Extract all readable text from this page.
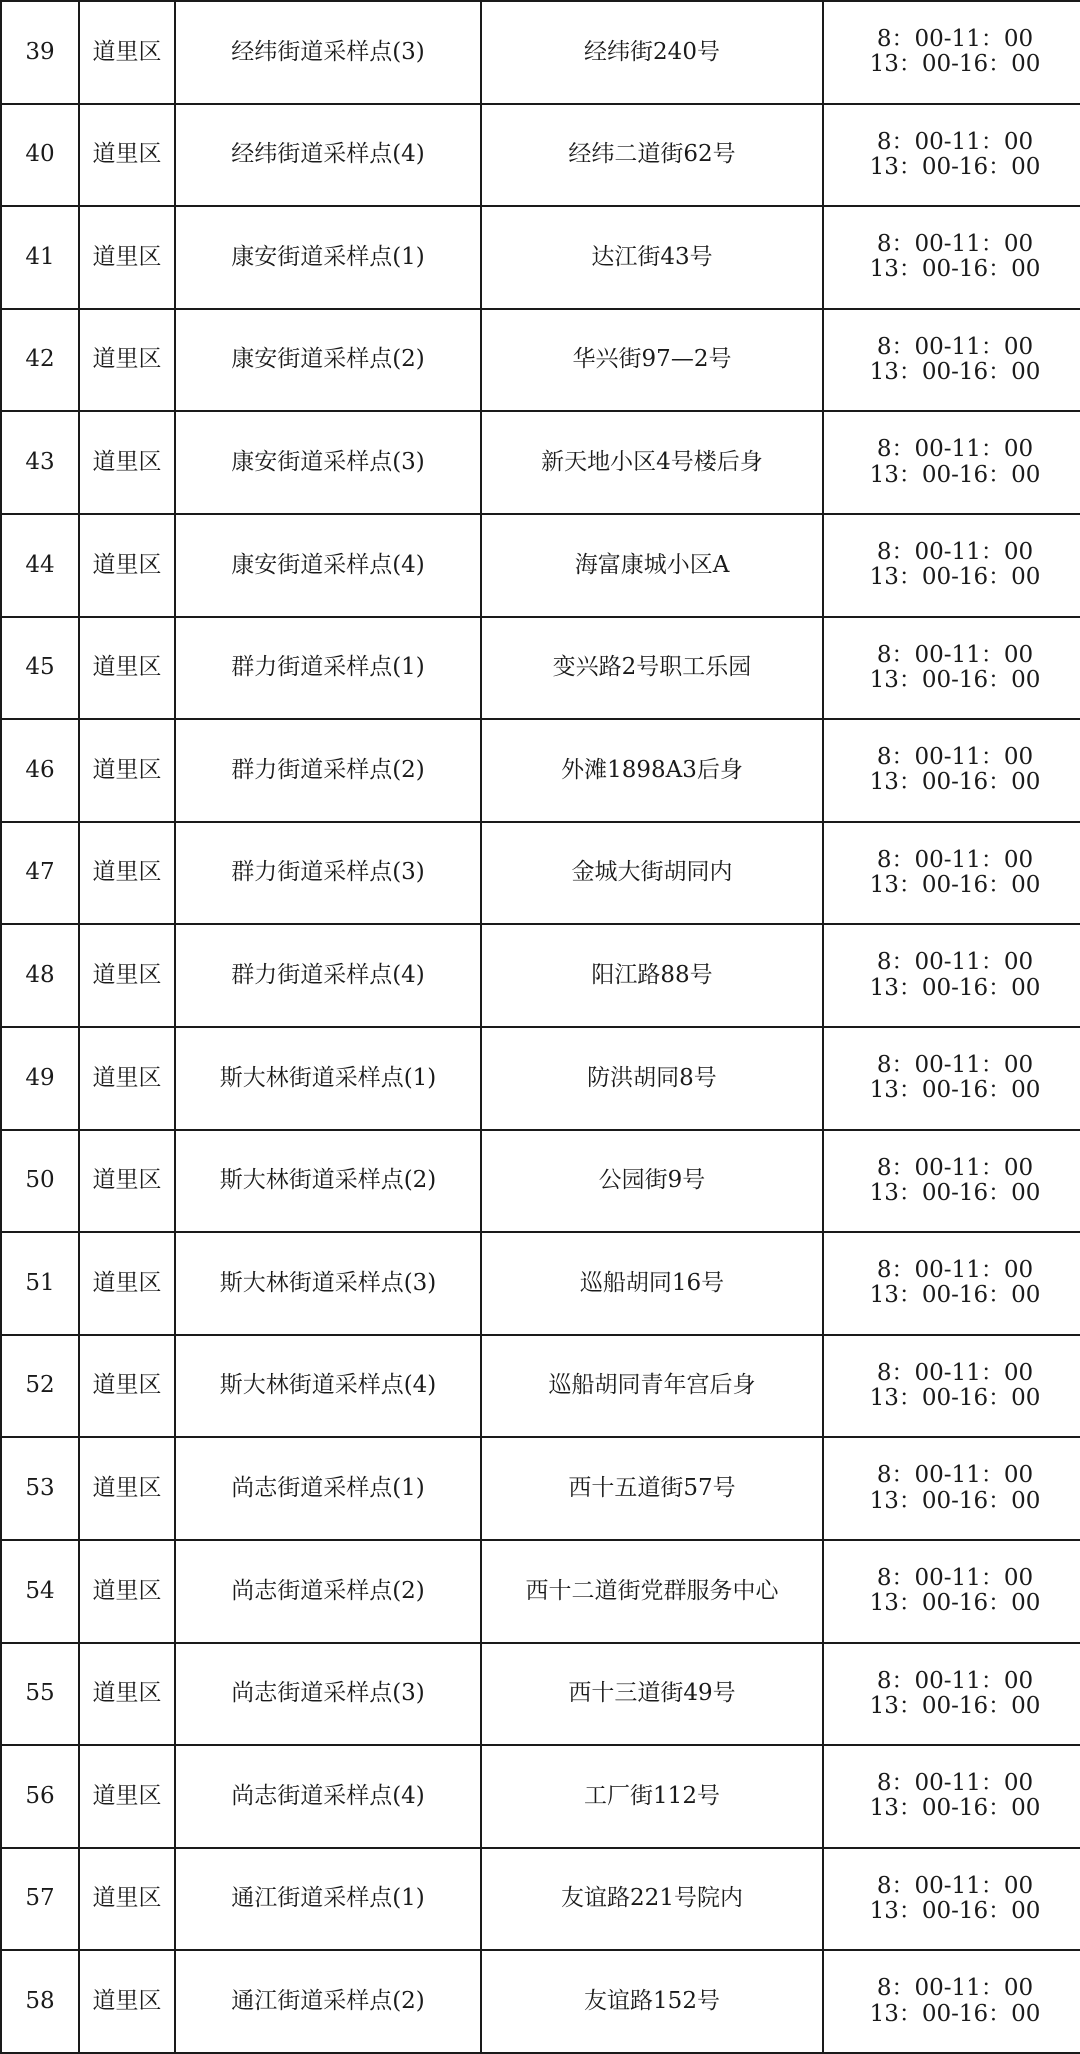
39	道里区	经纬街道采样点(3)	经纬街240号	8：00-11：00
13：00-16：00

40	道里区	经纬街道采样点(4)	经纬二道街62号	8：00-11：00
13：00-16：00

41	道里区	康安街道采样点(1)	达江街43号	8：00-11：00
13：00-16：00

42	道里区	康安街道采样点(2)	华兴街97—2号	8：00-11：00
13：00-16：00

43	道里区	康安街道采样点(3)	新天地小区4号楼后身	8：00-11：00
13：00-16：00

44	道里区	康安街道采样点(4)	海富康城小区A	8：00-11：00
13：00-16：00

45	道里区	群力街道采样点(1)	变兴路2号职工乐园	8：00-11：00
13：00-16：00

46	道里区	群力街道采样点(2)	外滩1898A3后身	8：00-11：00
13：00-16：00

47	道里区	群力街道采样点(3)	金城大街胡同内	8：00-11：00
13：00-16：00

48	道里区	群力街道采样点(4)	阳江路88号	8：00-11：00
13：00-16：00

49	道里区	斯大林街道采样点(1)	防洪胡同8号	8：00-11：00
13：00-16：00

50	道里区	斯大林街道采样点(2)	公园街9号	8：00-11：00
13：00-16：00

51	道里区	斯大林街道采样点(3)	巡船胡同16号	8：00-11：00
13：00-16：00

52	道里区	斯大林街道采样点(4)	巡船胡同青年宫后身	8：00-11：00
13：00-16：00

53	道里区	尚志街道采样点(1)	西十五道街57号	8：00-11：00
13：00-16：00

54	道里区	尚志街道采样点(2)	西十二道街党群服务中心	8：00-11：00
13：00-16：00

55	道里区	尚志街道采样点(3)	西十三道街49号	8：00-11：00
13：00-16：00

56	道里区	尚志街道采样点(4)	工厂街112号	8：00-11：00
13：00-16：00

57	道里区	通江街道采样点(1)	友谊路221号院内	8：00-11：00
13：00-16：00

58	道里区	通江街道采样点(2)	友谊路152号	8：00-11：00
13：00-16：00
